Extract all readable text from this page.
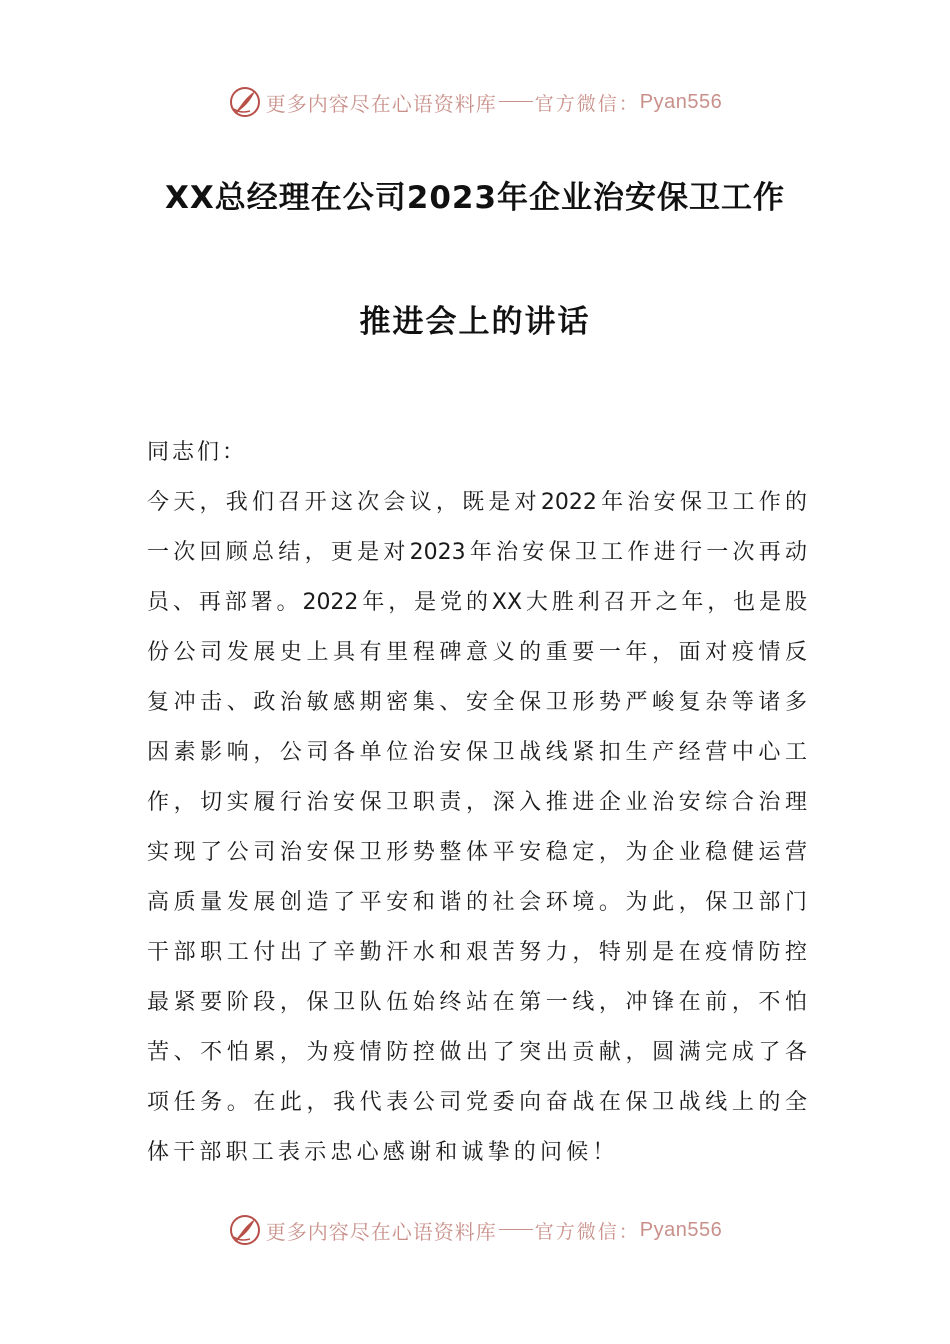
更多内容尽在心语资料库 官方微信： Pyan556
XX总经理在公司2023年企业治安保卫工作
推进会上的讲话
同志们：
今天，我们召开这次会议，既是对2022年治安保卫工作的
一次回顾总结，更是对2023年治安保卫工作进行一次再动
员、再部署。2022年，是党的XX大胜利召开之年，也是股
份公司发展史上具有里程碑意义的重要一年，面对疫情反
复冲击、政治敏感期密集、安全保卫形势严峻复杂等诸多
因素影响，公司各单位治安保卫战线紧扣生产经营中心工
作，切实履行治安保卫职责，深入推进企业治安综合治理
实现了公司治安保卫形势整体平安稳定，为企业稳健运营
高质量发展创造了平安和谐的社会环境。为此，保卫部门
干部职工付出了辛勤汗水和艰苦努力，特别是在疫情防控
最紧要阶段，保卫队伍始终站在第一线，冲锋在前，不怕
苦、不怕累，为疫情防控做出了突出贡献，圆满完成了各
项任务。在此，我代表公司党委向奋战在保卫战线上的全
体干部职工表示忠心感谢和诚挚的问候！
更多内容尽在心语资料库 官方微信： Pyan556
